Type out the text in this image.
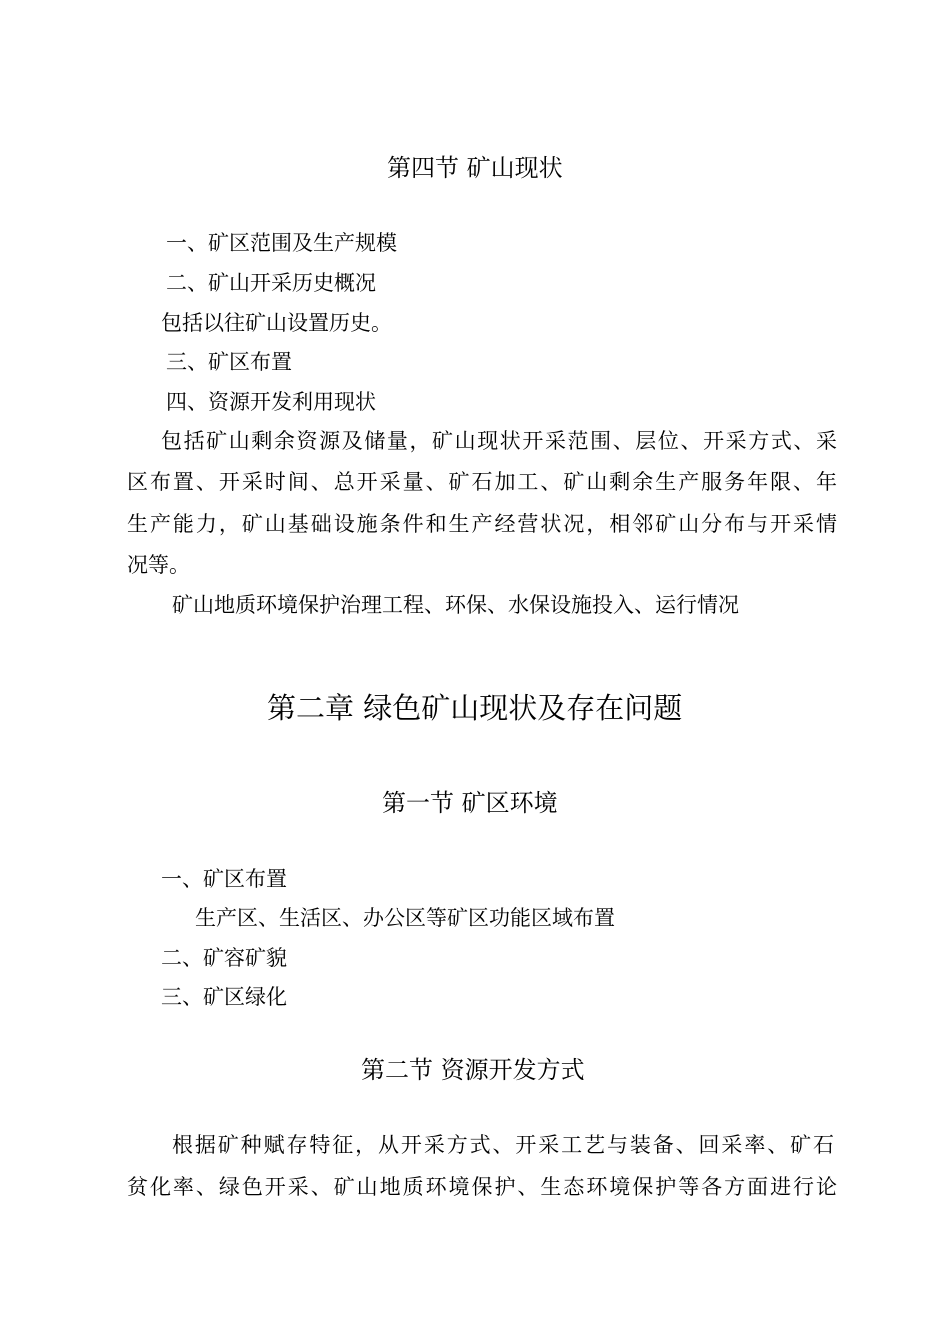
第四节 矿山现状
一、矿区范围及生产规模
二、矿山开采历史概况
包括以往矿山设置历史。
三、矿区布置
四、资源开发利用现状
包括矿山剩余资源及储量，矿山现状开采范围、层位、开采方式、采
区布置、开采时间、总开采量、矿石加工、矿山剩余生产服务年限、年
生产能力，矿山基础设施条件和生产经营状况，相邻矿山分布与开采情
况等。
矿山地质环境保护治理工程、环保、水保设施投入、运行情况
第二章 绿色矿山现状及存在问题
第一节 矿区环境
一、矿区布置
生产区、生活区、办公区等矿区功能区域布置
二、矿容矿貌
三、矿区绿化
第二节 资源开发方式
根据矿种赋存特征，从开采方式、开采工艺与装备、回采率、矿石
贫化率、绿色开采、矿山地质环境保护、生态环境保护等各方面进行论
